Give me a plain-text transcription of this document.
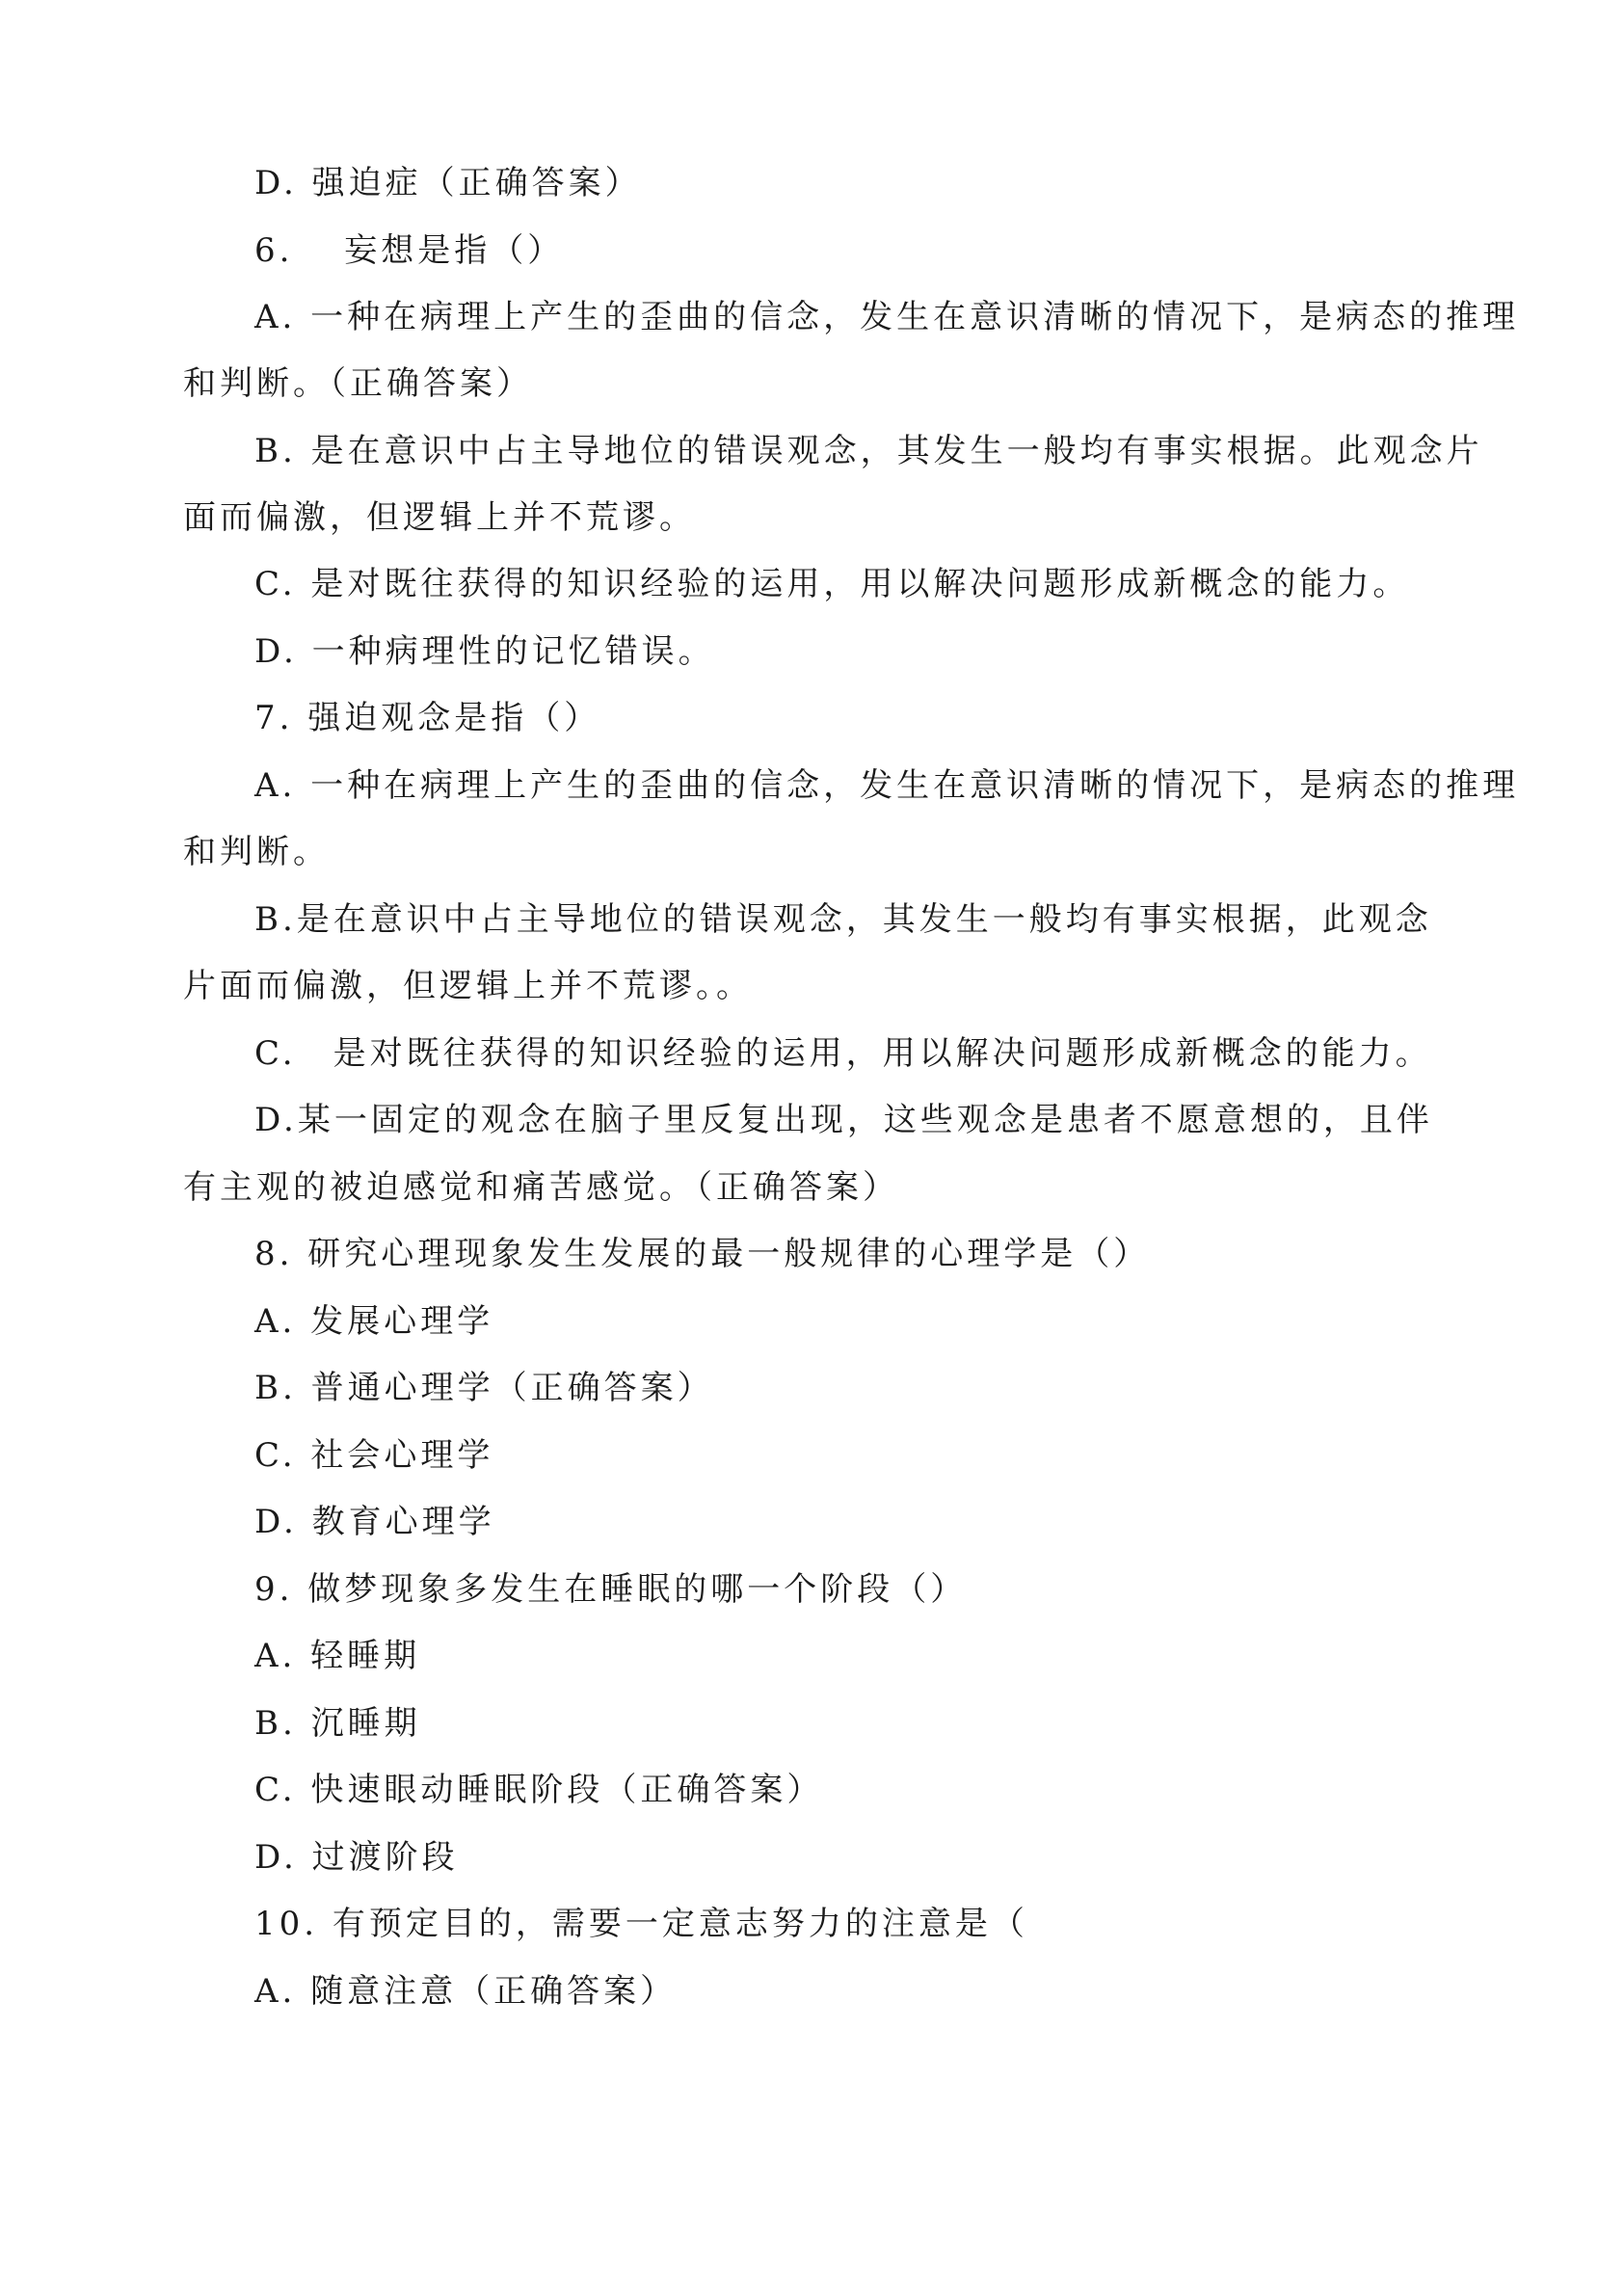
D. 强迫症（正确答案）
6.　 妄想是指（）
A. 一种在病理上产生的歪曲的信念，发生在意识清晰的情况下，是病态的推理
和判断。（正确答案）
B. 是在意识中占主导地位的错误观念，其发生一般均有事实根据。此观念片
面而偏激，但逻辑上并不荒谬。
C. 是对既往获得的知识经验的运用，用以解决问题形成新概念的能力。
D. 一种病理性的记忆错误。
7. 强迫观念是指（）
A. 一种在病理上产生的歪曲的信念，发生在意识清晰的情况下，是病态的推理
和判断。
B.是在意识中占主导地位的错误观念，其发生一般均有事实根据，此观念
片面而偏激，但逻辑上并不荒谬。。
C.　是对既往获得的知识经验的运用，用以解决问题形成新概念的能力。
D.某一固定的观念在脑子里反复出现，这些观念是患者不愿意想的，且伴
有主观的被迫感觉和痛苦感觉。（正确答案）
8. 研究心理现象发生发展的最一般规律的心理学是（）
A. 发展心理学
B. 普通心理学（正确答案）
C. 社会心理学
D. 教育心理学
9. 做梦现象多发生在睡眠的哪一个阶段（）
A. 轻睡期
B. 沉睡期
C. 快速眼动睡眠阶段（正确答案）
D. 过渡阶段
10. 有预定目的，需要一定意志努力的注意是（
A. 随意注意（正确答案）
